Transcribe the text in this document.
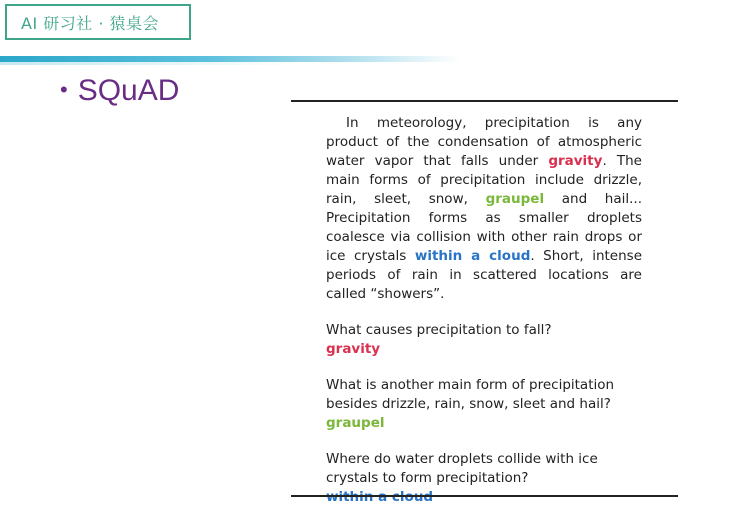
AI 研习社 · 猿桌会
• SQuAD

In meteorology, precipitation is any product of the condensation of atmospheric water vapor that falls under gravity. The main forms of precipitation include drizzle, rain, sleet, snow, graupel and hail... Precipitation forms as smaller droplets coalesce via collision with other rain drops or ice crystals within a cloud. Short, intense periods of rain in scattered locations are called “showers”.

What causes precipitation to fall?

gravity

What is another main form of precipitation besides drizzle, rain, snow, sleet and hail?

graupel

Where do water droplets collide with ice crystals to form precipitation?

within a cloud
